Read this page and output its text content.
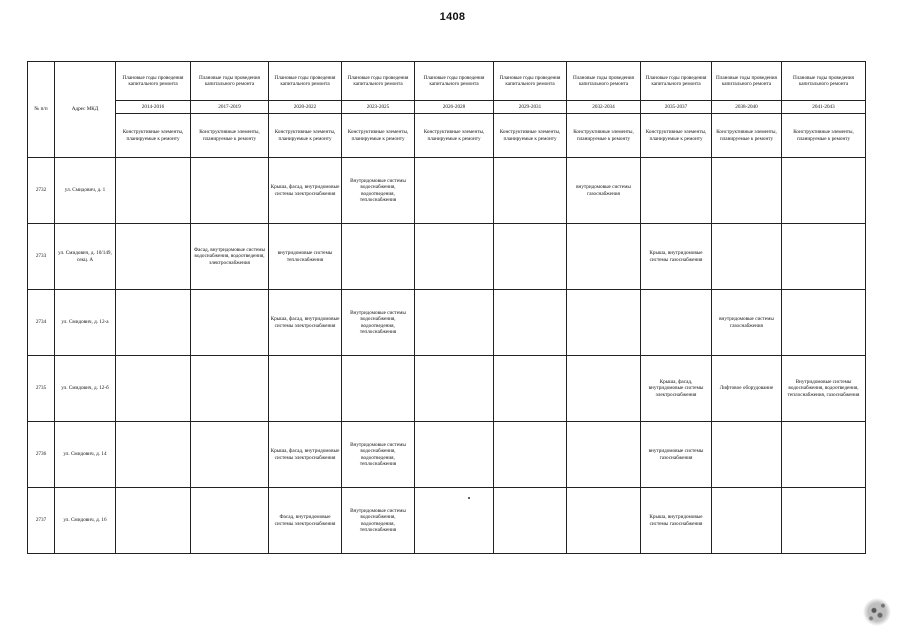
1408
№ п/п	Адрес МКД	Плановые годы проведения капитального ремонта	Плановые годы проведения капитального ремонта	Плановые годы проведения капитального ремонта	Плановые годы проведения капитального ремонта	Плановые годы проведения капитального ремонта	Плановые годы проведения капитального ремонта	Плановые годы проведения капитального ремонта	Плановые годы проведения капитального ремонта	Плановые годы проведения капитального ремонта	Плановые годы проведения капитального ремонта
		2014-2016	2017-2019	2020-2022	2023-2025	2026-2028	2029-2031	2032-2034	2035-2037	2038-2040	2041-2043
		Конструктивные элементы, планируемые к ремонту	Конструктивные элементы, планируемые к ремонту	Конструктивные элементы, планируемые к ремонту	Конструктивные элементы, планируемые к ремонту	Конструктивные элементы, планируемые к ремонту	Конструктивные элементы, планируемые к ремонту	Конструктивные элементы, планируемые к ремонту	Конструктивные элементы, планируемые к ремонту	Конструктивные элементы, планируемые к ремонту	Конструктивные элементы, планируемые к ремонту
2732	ул. Смидович, д. 1			Крыша, фасад, внутридомовые системы электроснабжения	Внутридомовые системы водоснабжения, водоотведения, теплоснабжения			внутридомовые системы газоснабжения			
2733	ул. Смидович, д. 10/149, секц. А		Фасад, внутридомовые системы водоснабжения, водоотведения, электроснабжения	внутридомовые системы теплоснабжения					Крыша, внутридомовые системы газоснабжения		
2734	ул. Смидович, д. 12-а			Крыша, фасад, внутридомовые системы электроснабжения	Внутридомовые системы водоснабжения, водоотведения, теплоснабжения					внутридомовые системы газоснабжения	
2735	ул. Смидович, д. 12-б								Крыша, фасад, внутридомовые системы электроснабжения	Лифтовое оборудование	Внутридомовые системы водоснабжения, водоотведения, теплоснабжения, газоснабжения
2736	ул. Смидович, д. 14			Крыша, фасад, внутридомовые системы электроснабжения	Внутридомовые системы водоснабжения, водоотведения, теплоснабжения				внутридомовые системы газоснабжения		
2737	ул. Смидович, д. 16			Фасад, внутридомовые системы электроснабжения	Внутридомовые системы водоснабжения, водоотведения, теплоснабжения				Крыша, внутридомовые системы газоснабжения		
